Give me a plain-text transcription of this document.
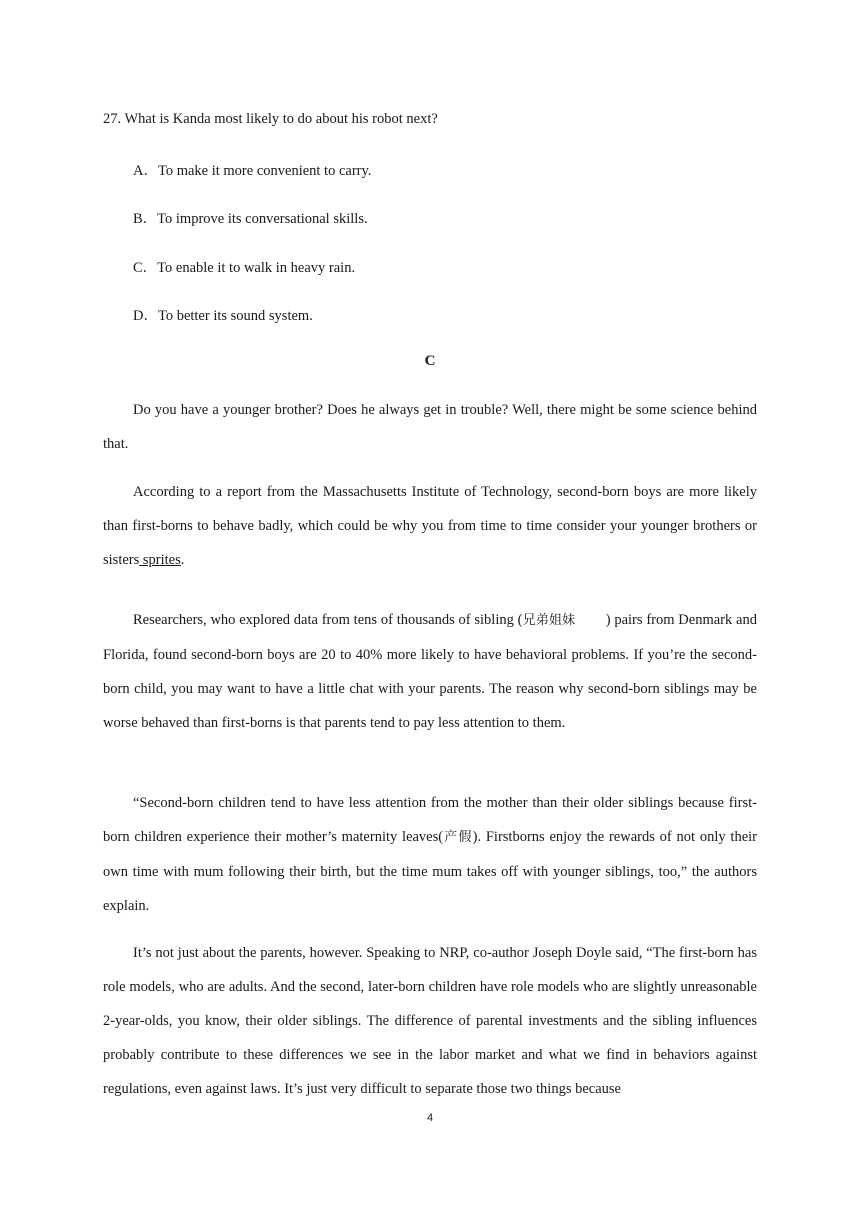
27. What is Kanda most likely to do about his robot next?
A．To make it more convenient to carry.
B．To improve its conversational skills.
C．To enable it to walk in heavy rain.
D．To better its sound system.
C

Do you have a younger brother? Does he always get in trouble? Well, there might be some science behind that.

According to a report from the Massachusetts Institute of Technology, second-born boys are more likely than first-borns to behave badly, which could be why you from time to time consider your younger brothers or sisters sprites.

Researchers, who explored data from tens of thousands of sibling (兄弟姐妹        ) pairs from Denmark and Florida, found second-born boys are 20 to 40% more likely to have behavioral problems. If you’re the second-born child, you may want to have a little chat with your parents. The reason why second-born siblings may be worse behaved than first-borns is that parents tend to pay less attention to them.

“Second-born children tend to have less attention from the mother than their older siblings because first-born children experience their mother’s maternity leaves(产假). Firstborns enjoy the rewards of not only their own time with mum following their birth, but the time mum takes off with younger siblings, too,” the authors explain.

It’s not just about the parents, however. Speaking to NRP, co-author Joseph Doyle said, “The first-born has role models, who are adults. And the second, later-born children have role models who are slightly unreasonable 2-year-olds, you know, their older siblings. The difference of parental investments and the sibling influences probably contribute to these differences we see in the labor market and what we find in behaviors against regulations, even against laws. It’s just very difficult to separate those two things because

4
